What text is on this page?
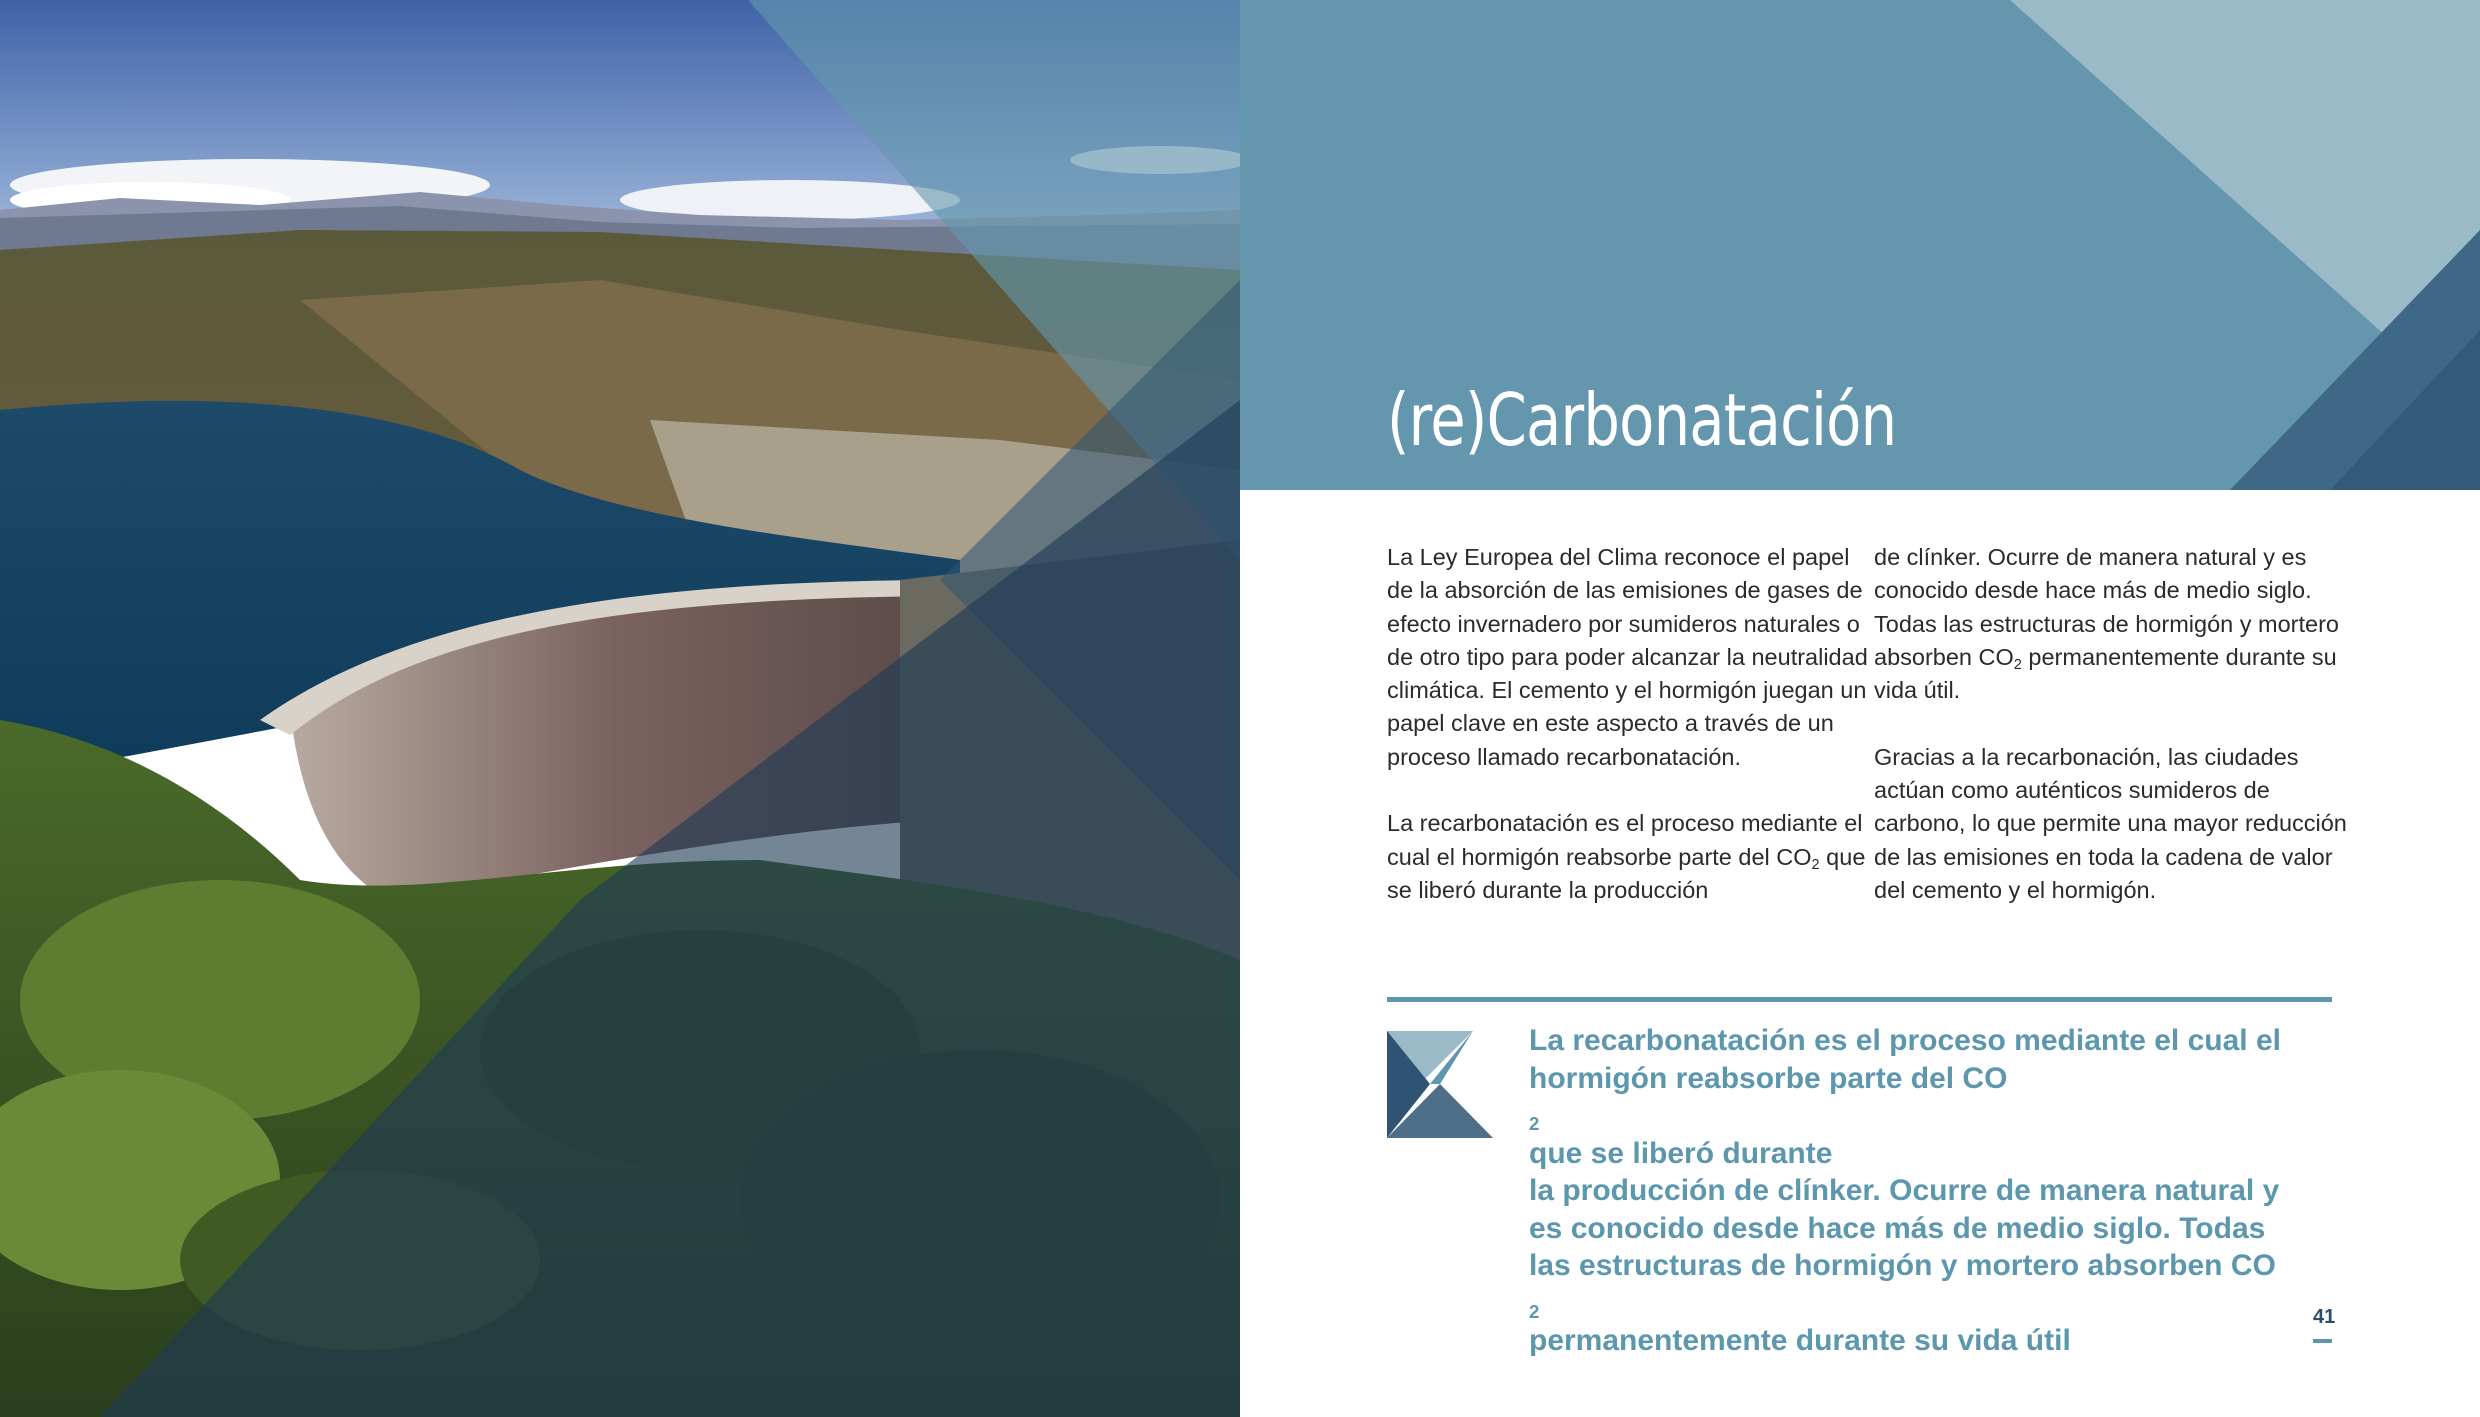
(re)Carbonatación

La Ley Europea del Clima reconoce el papel de la absorción de las emisiones de gases de efecto invernadero por sumideros naturales o de otro tipo para poder alcanzar la neutralidad climática. El cemento y el hormigón juegan un papel clave en este aspecto a través de un proceso llamado recarbonatación.

La recarbonatación es el proceso mediante el cual el hormigón reabsorbe parte del $CO_2$ que se liberó durante la producción

de clínker. Ocurre de manera natural y es conocido desde hace más de medio siglo. Todas las estructuras de hormigón y mortero absorben $CO_2$ permanentemente durante su vida útil.

Gracias a la recarbonación, las ciudades actúan como auténticos sumideros de carbono, lo que permite una mayor reducción de las emisiones en toda la cadena de valor del cemento y el hormigón.

La recarbonatación es el proceso mediante el cual el
hormigón reabsorbe parte del CO
$_2$
que se liberó durante
la producción de clínker. Ocurre de manera natural y
es conocido desde hace más de medio siglo. Todas
las estructuras de hormigón y mortero absorben CO
$_2$
permanentemente durante su vida útil
41
